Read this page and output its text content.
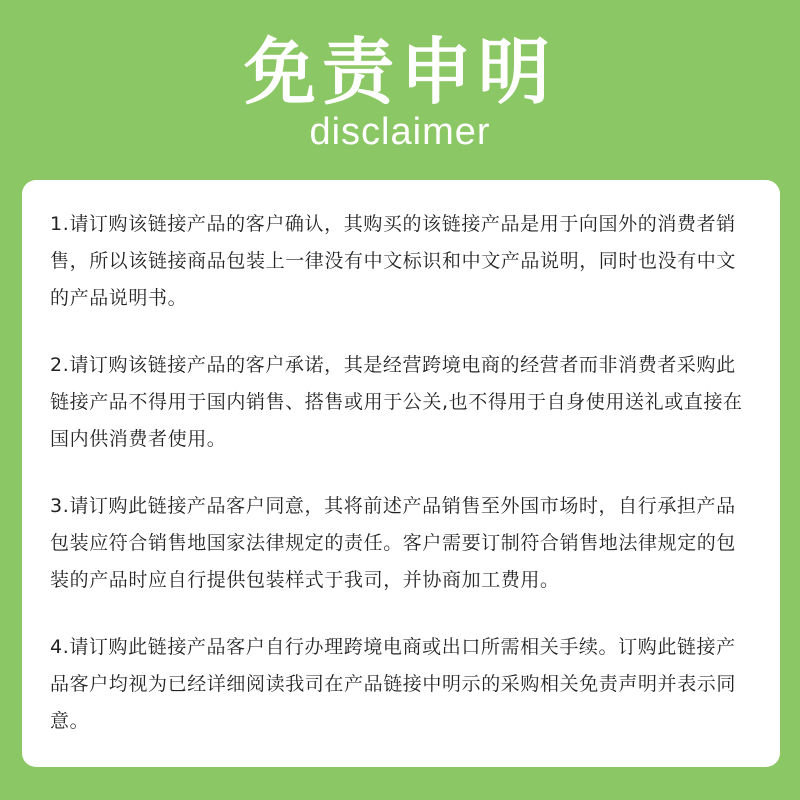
免责申明
disclaimer

1.请订购该链接产品的客户确认，其购买的该链接产品是用于向国外的消费者销售，所以该链接商品包装上一律没有中文标识和中文产品说明，同时也没有中文的产品说明书。

2.请订购该链接产品的客户承诺，其是经营跨境电商的经营者而非消费者采购此链接产品不得用于国内销售、搭售或用于公关,也不得用于自身使用送礼或直接在国内供消费者使用。

3.请订购此链接产品客户同意，其将前述产品销售至外国市场时，自行承担产品包装应符合销售地国家法律规定的责任。客户需要订制符合销售地法律规定的包装的产品时应自行提供包装样式于我司，并协商加工费用。

4.请订购此链接产品客户自行办理跨境电商或出口所需相关手续。订购此链接产品客户均视为已经详细阅读我司在产品链接中明示的采购相关免责声明并表示同意。
